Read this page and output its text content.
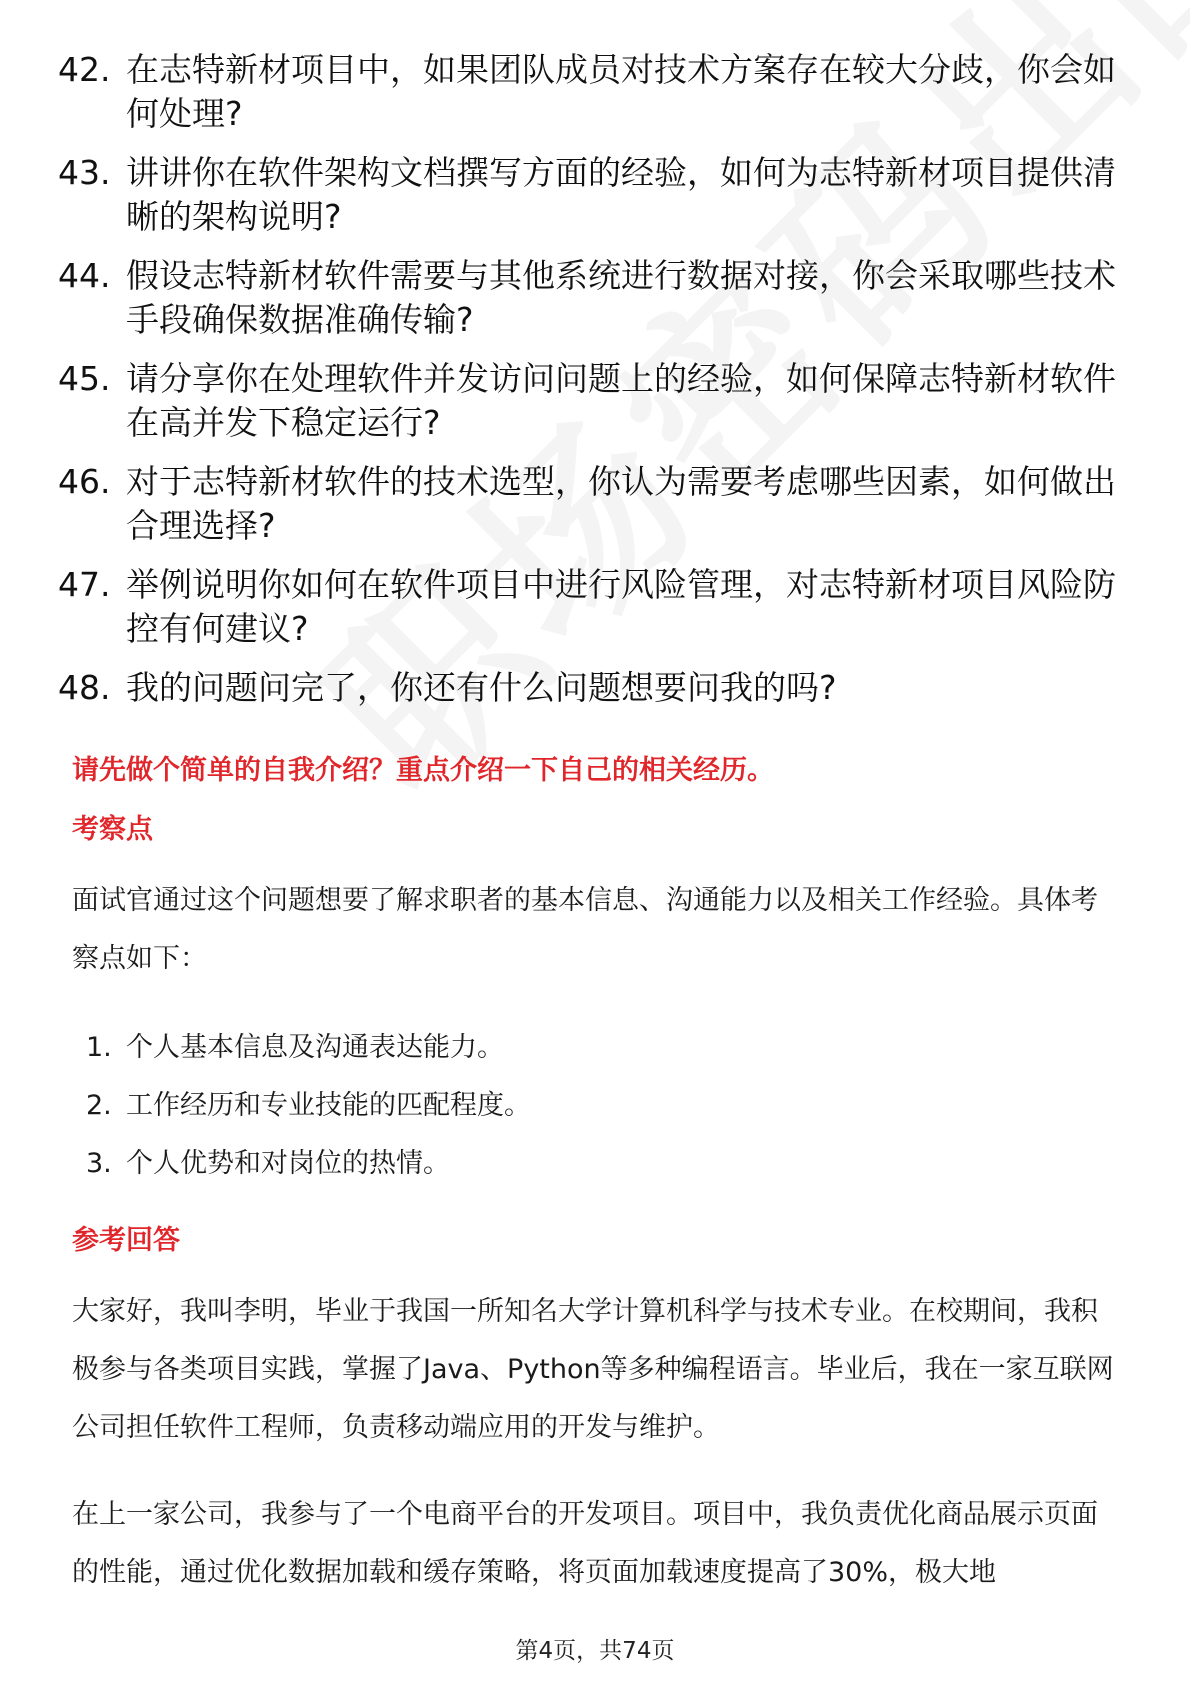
42. 在志特新材项目中，如果团队成员对技术方案存在较大分歧，你会如何处理?
43. 讲讲你在软件架构文档撰写方面的经验，如何为志特新材项目提供清晰的架构说明?
44. 假设志特新材软件需要与其他系统进行数据对接，你会采取哪些技术手段确保数据准确传输?
45. 请分享你在处理软件并发访问问题上的经验，如何保障志特新材软件在高并发下稳定运行?
46. 对于志特新材软件的技术选型，你认为需要考虑哪些因素，如何做出合理选择?
47. 举例说明你如何在软件项目中进行风险管理，对志特新材项目风险防控有何建议?
48. 我的问题问完了，你还有什么问题想要问我的吗?
请先做个简单的自我介绍？重点介绍一下自己的相关经历。
考察点
面试官通过这个问题想要了解求职者的基本信息、沟通能力以及相关工作经验。具体考察点如下：
1. 个人基本信息及沟通表达能力。
2. 工作经历和专业技能的匹配程度。
3. 个人优势和对岗位的热情。
参考回答
大家好，我叫李明，毕业于我国一所知名大学计算机科学与技术专业。在校期间，我积极参与各类项目实践，掌握了Java、Python等多种编程语言。毕业后，我在一家互联网公司担任软件工程师，负责移动端应用的开发与维护。
在上一家公司，我参与了一个电商平台的开发项目。项目中，我负责优化商品展示页面的性能，通过优化数据加载和缓存策略，将页面加载速度提高了30%，极大地
第4页，共74页
